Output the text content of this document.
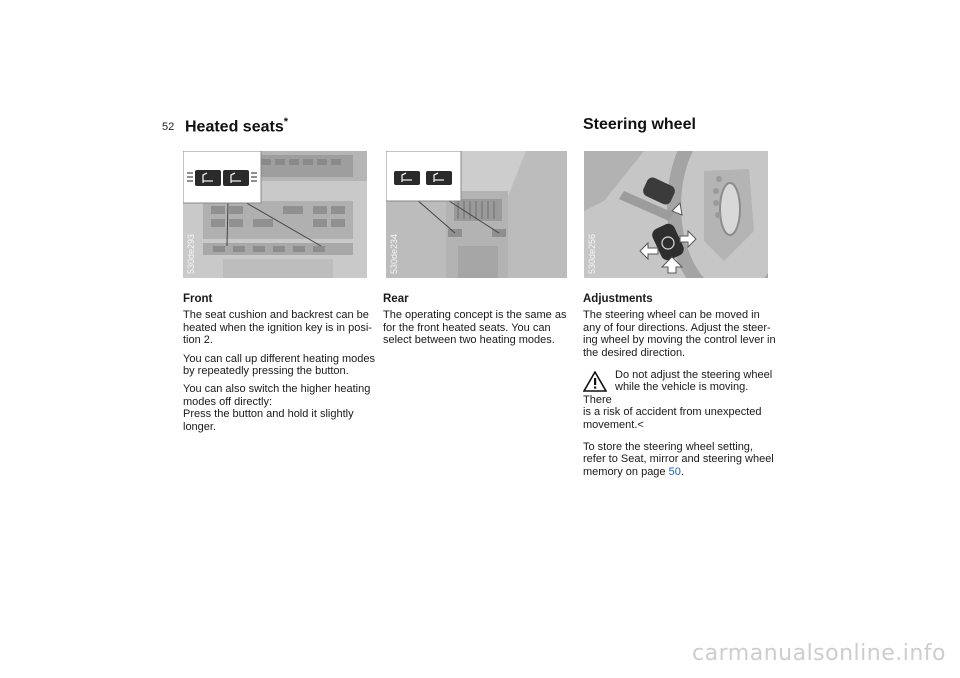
52 Heated seats*	Steering wheel
530de293	530de234	530de256
Front

The seat cushion and backrest can be
heated when the ignition key is in posi-
tion 2.

You can call up different heating modes
by repeatedly pressing the button.

You can also switch the higher heating
modes off directly:
Press the button and hold it slightly
longer.

Rear

The operating concept is the same as
for the front heated seats. You can
select between two heating modes.

Adjustments

The steering wheel can be moved in
any of four directions. Adjust the steer-
ing wheel by moving the control lever in
the desired direction.

Do not adjust the steering wheel
while the vehicle is moving. There
is a risk of accident from unexpected
movement.<

To store the steering wheel setting,
refer to Seat, mirror and steering wheel
memory on page 50.

carmanualsonline.info
